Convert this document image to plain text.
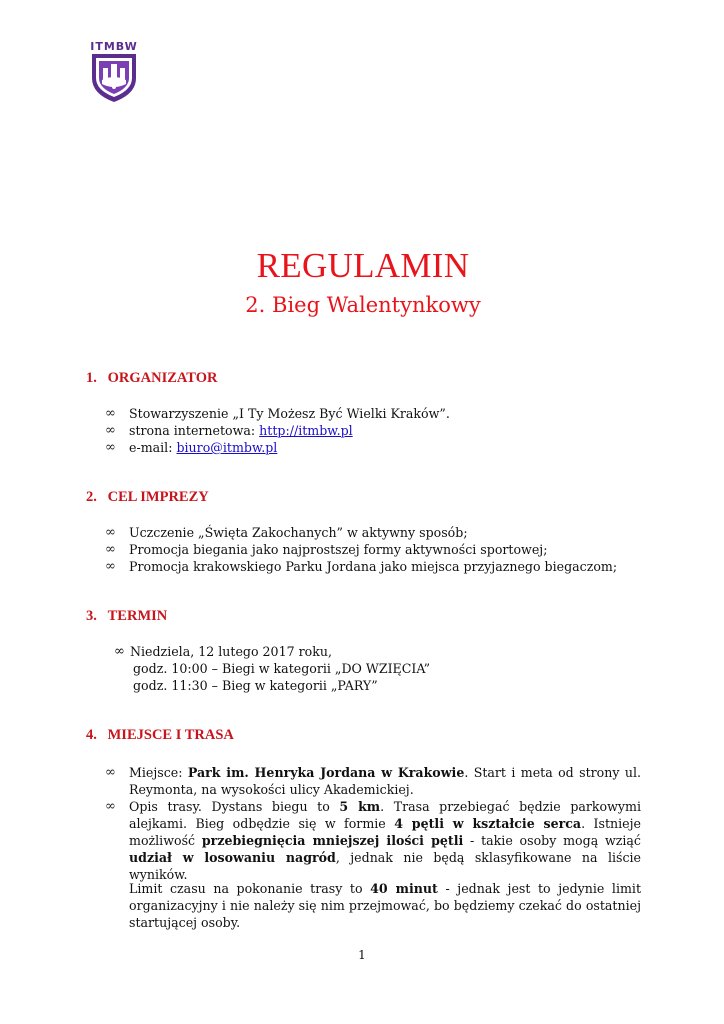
ITMBW
REGULAMIN
2. Bieg Walentynkowy
1. ORGANIZATOR
∞ Stowarzyszenie „I Ty Możesz Być Wielki Kraków”.
∞ strona internetowa: http://itmbw.pl
∞ e-mail: biuro@itmbw.pl
2. CEL IMPREZY
∞ Uczczenie „Święta Zakochanych” w aktywny sposób;
∞ Promocja biegania jako najprostszej formy aktywności sportowej;
∞ Promocja krakowskiego Parku Jordana jako miejsca przyjaznego biegaczom;
3. TERMIN
∞ Niedziela, 12 lutego 2017 roku,
godz. 10:00 – Biegi w kategorii „DO WZIĘCIA”
godz. 11:30 – Bieg w kategorii „PARY”
4. MIEJSCE I TRASA
∞ Miejsce: Park im. Henryka Jordana w Krakowie. Start i meta od strony ul. Reymonta, na wysokości ulicy Akademickiej.
∞ Opis trasy. Dystans biegu to 5 km. Trasa przebiegać będzie parkowymi alejkami. Bieg odbędzie się w formie 4 pętli w kształcie serca. Istnieje możliwość przebiegnięcia mniejszej ilości pętli - takie osoby mogą wziąć udział w losowaniu nagród, jednak nie będą sklasyfikowane na liście wyników.
Limit czasu na pokonanie trasy to 40 minut - jednak jest to jedynie limit organizacyjny i nie należy się nim przejmować, bo będziemy czekać do ostatniej startującej osoby.
1
